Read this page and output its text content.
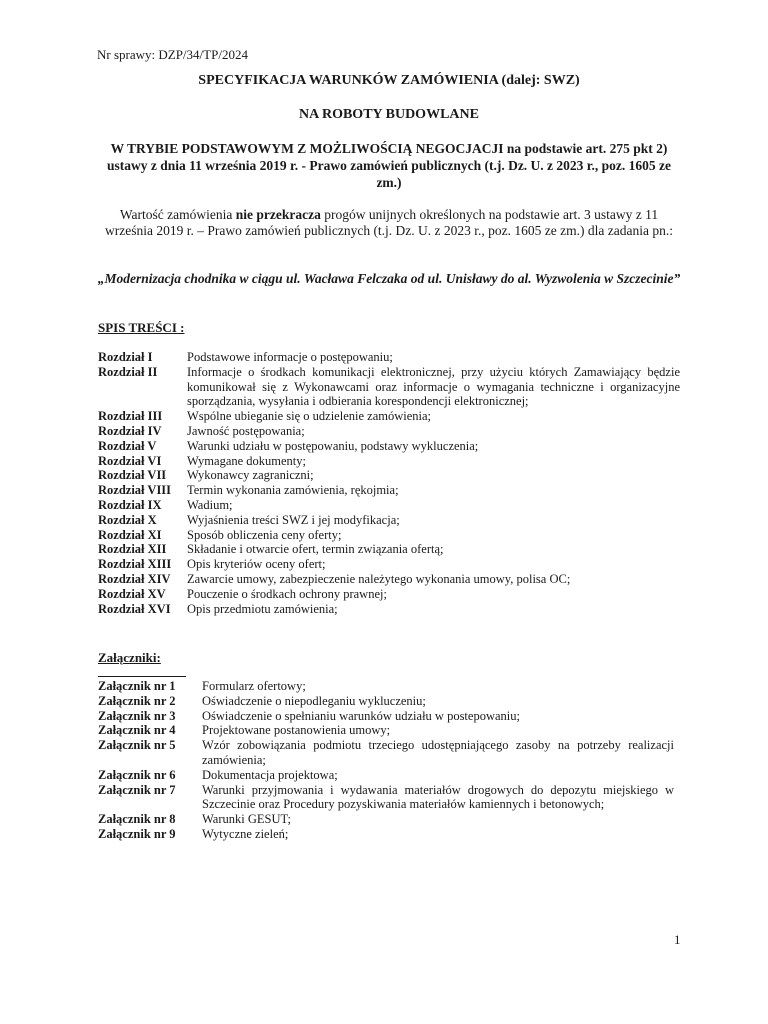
Nr sprawy: DZP/34/TP/2024
SPECYFIKACJA WARUNKÓW ZAMÓWIENIA (dalej: SWZ)
NA ROBOTY BUDOWLANE
W TRYBIE PODSTAWOWYM Z MOŻLIWOŚCIĄ NEGOCJACJI na podstawie art. 275 pkt 2) ustawy z dnia 11 września 2019 r. - Prawo zamówień publicznych (t.j. Dz. U. z 2023 r., poz. 1605 ze zm.)
Wartość zamówienia nie przekracza progów unijnych określonych na podstawie art. 3 ustawy z 11 września 2019 r. – Prawo zamówień publicznych (t.j. Dz. U. z 2023 r., poz. 1605 ze zm.) dla zadania pn.:
„Modernizacja chodnika w ciągu ul. Wacława Felczaka od ul. Unisławy do al. Wyzwolenia w Szczecinie”
SPIS TREŚCI :
Rozdział I	Podstawowe informacje o postępowaniu;
Rozdział II	Informacje o środkach komunikacji elektronicznej, przy użyciu których Zamawiający będzie komunikował się z Wykonawcami oraz informacje o wymagania techniczne i organizacyjne sporządzania, wysyłania i odbierania korespondencji elektronicznej;
Rozdział III	Wspólne ubieganie się o udzielenie zamówienia;
Rozdział IV	Jawność postępowania;
Rozdział V	Warunki udziału w postępowaniu, podstawy wykluczenia;
Rozdział VI	Wymagane dokumenty;
Rozdział VII	Wykonawcy zagraniczni;
Rozdział VIII	Termin wykonania zamówienia, rękojmia;
Rozdział IX	Wadium;
Rozdział X	Wyjaśnienia treści SWZ i jej modyfikacja;
Rozdział XI	Sposób obliczenia ceny oferty;
Rozdział XII	Składanie i otwarcie ofert, termin związania ofertą;
Rozdział XIII	Opis kryteriów oceny ofert;
Rozdział XIV	Zawarcie umowy, zabezpieczenie należytego wykonania umowy, polisa OC;
Rozdział XV	Pouczenie o środkach ochrony prawnej;
Rozdział XVI	Opis przedmiotu zamówienia;
Załączniki:
Załącznik nr 1	Formularz ofertowy;
Załącznik nr 2	Oświadczenie o niepodleganiu wykluczeniu;
Załącznik nr 3	Oświadczenie o spełnianiu warunków udziału w postepowaniu;
Załącznik nr 4	Projektowane postanowienia umowy;
Załącznik nr 5	Wzór zobowiązania podmiotu trzeciego udostępniającego zasoby na potrzeby realizacji zamówienia;
Załącznik nr 6	Dokumentacja projektowa;
Załącznik nr 7	Warunki przyjmowania i wydawania materiałów drogowych do depozytu miejskiego w Szczecinie oraz Procedury pozyskiwania materiałów kamiennych i betonowych;
Załącznik nr 8	Warunki GESUT;
Załącznik nr 9	Wytyczne zieleń;
1
